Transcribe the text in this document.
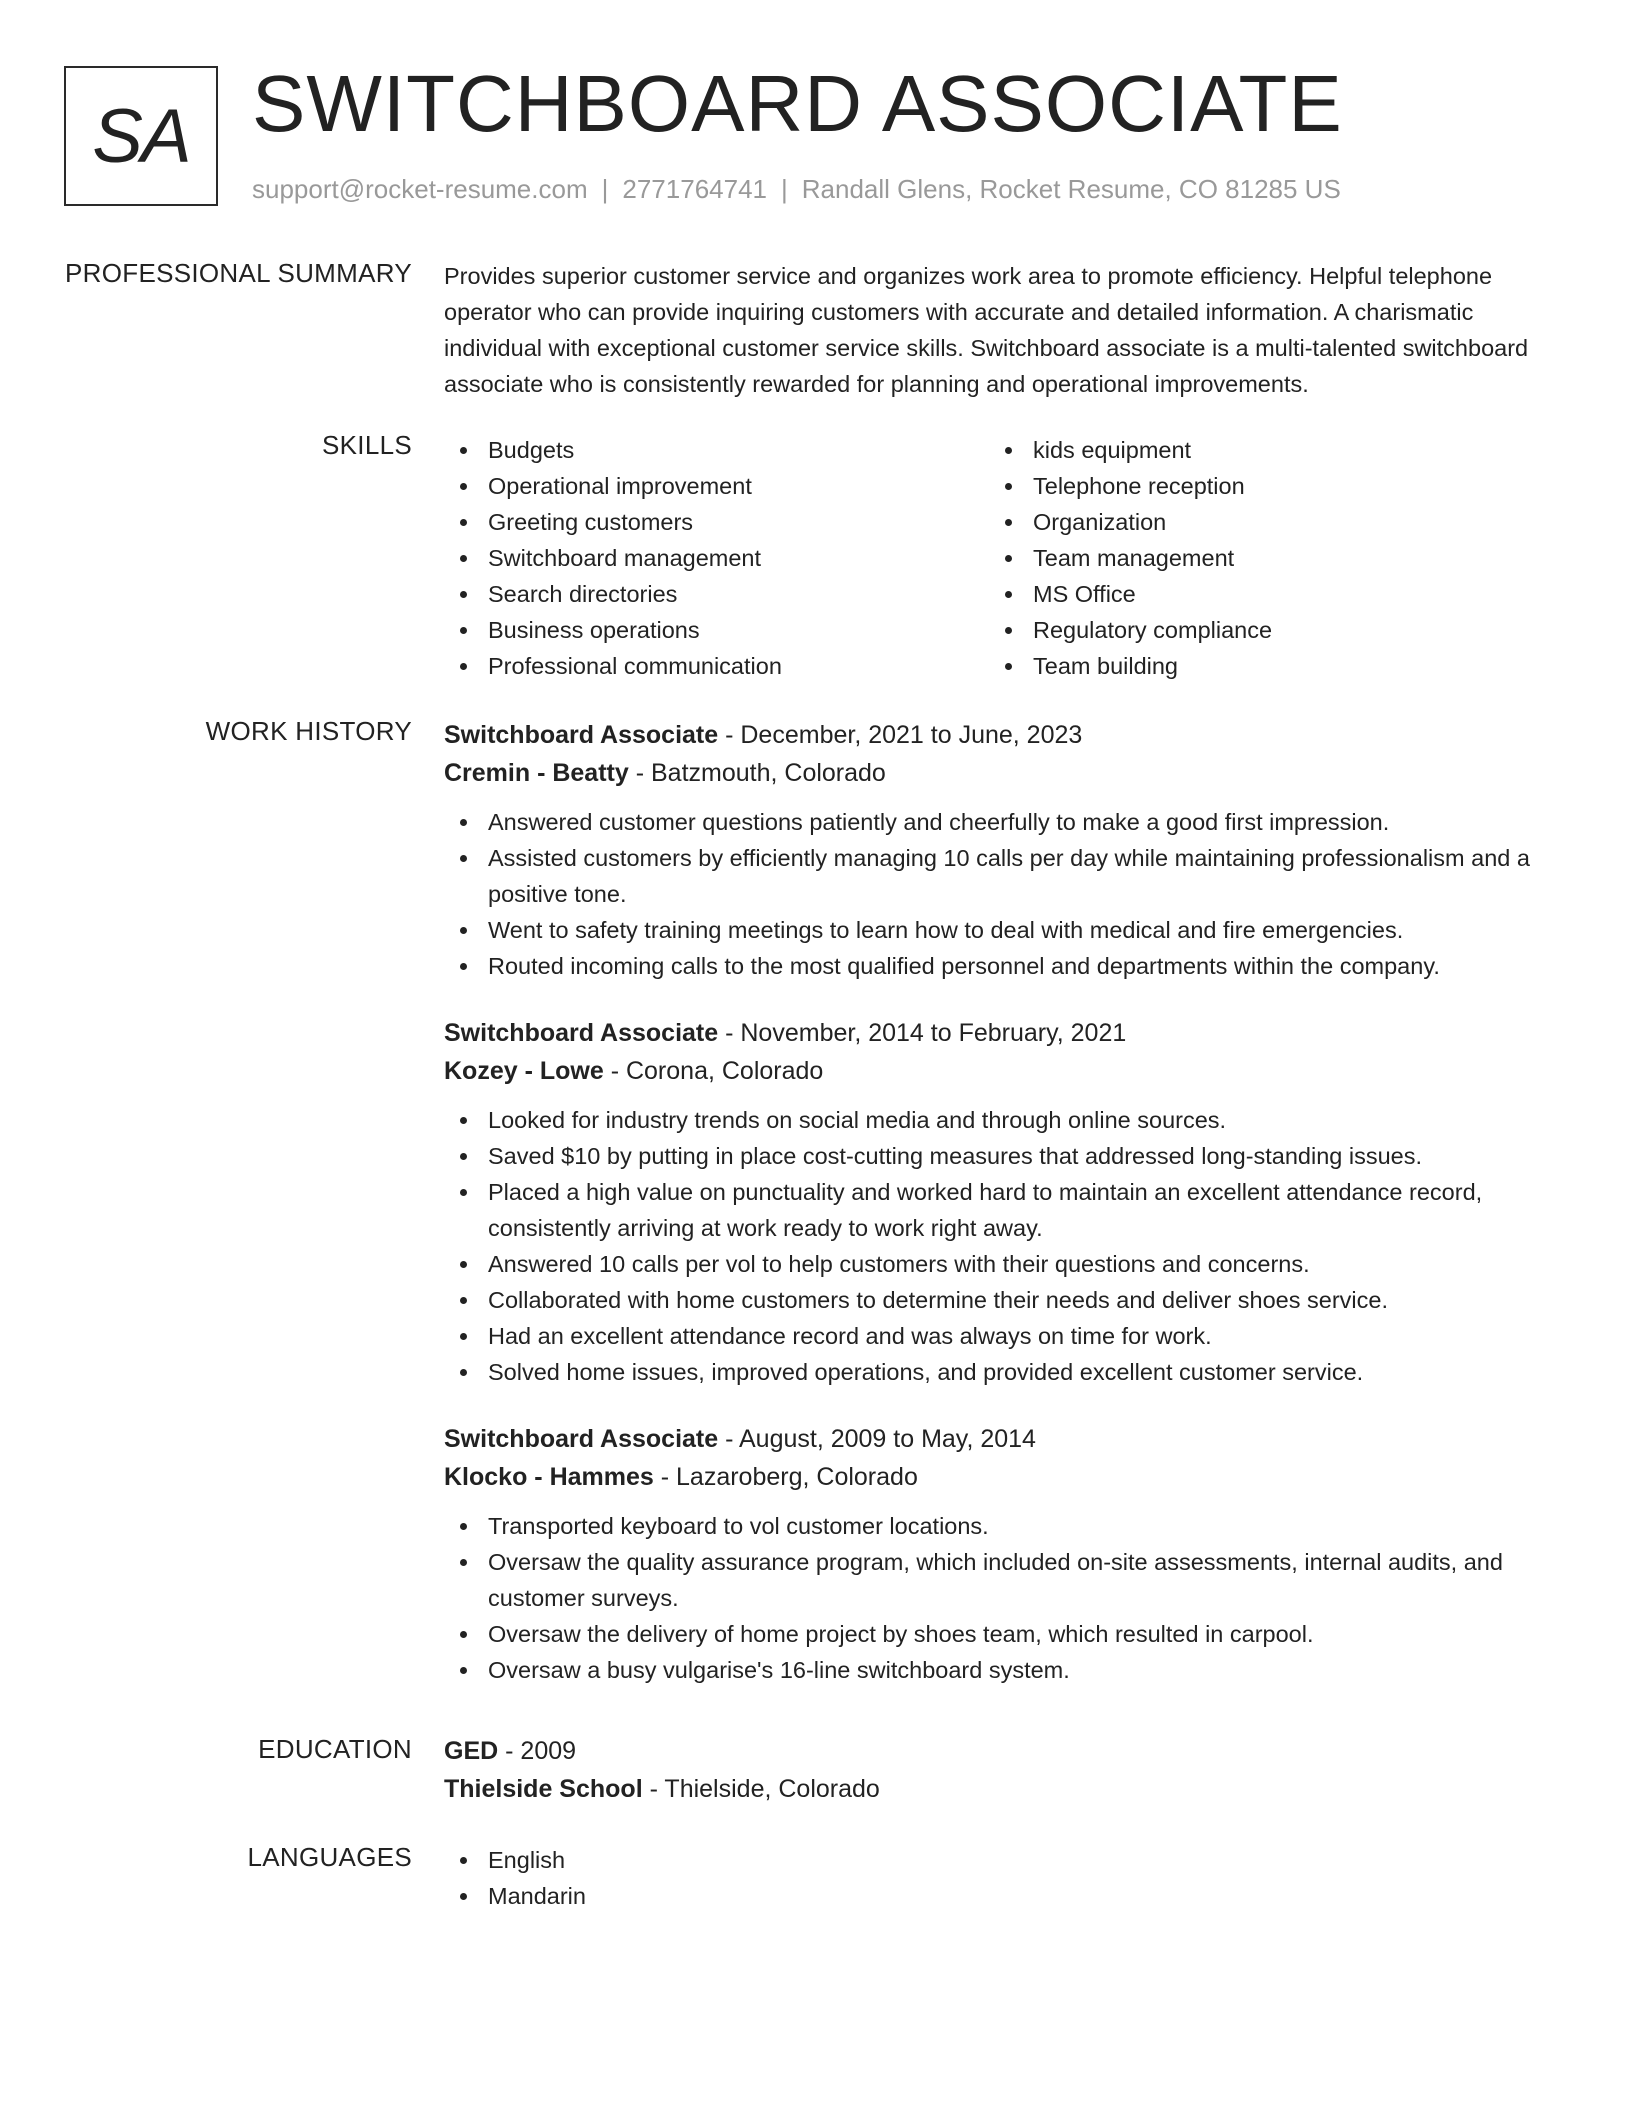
SA SWITCHBOARD ASSOCIATE
support@rocket-resume.com | 2771764741 | Randall Glens, Rocket Resume, CO 81285 US
PROFESSIONAL SUMMARY Provides superior customer service and organizes work area to promote efficiency. Helpful telephone operator who can provide inquiring customers with accurate and detailed information. A charismatic individual with exceptional customer service skills. Switchboard associate is a multi-talented switchboard associate who is consistently rewarded for planning and operational improvements.
SKILLS	Budgets
Operational improvement
Greeting customers
Switchboard management
Search directories
Business operations
Professional communication
kids equipment
Telephone reception
Organization
Team management
MS Office
Regulatory compliance
Team building
WORK HISTORY Switchboard Associate - December, 2021 to June, 2023
Cremin - Beatty - Batzmouth, Colorado
Answered customer questions patiently and cheerfully to make a good first impression.
Assisted customers by efficiently managing 10 calls per day while maintaining professionalism and a positive tone.
Went to safety training meetings to learn how to deal with medical and fire emergencies.
Routed incoming calls to the most qualified personnel and departments within the company.
Switchboard Associate - November, 2014 to February, 2021
Kozey - Lowe - Corona, Colorado
Looked for industry trends on social media and through online sources.
Saved $10 by putting in place cost-cutting measures that addressed long-standing issues.
Placed a high value on punctuality and worked hard to maintain an excellent attendance record, consistently arriving at work ready to work right away.
Answered 10 calls per vol to help customers with their questions and concerns.
Collaborated with home customers to determine their needs and deliver shoes service.
Had an excellent attendance record and was always on time for work.
Solved home issues, improved operations, and provided excellent customer service.
Switchboard Associate - August, 2009 to May, 2014
Klocko - Hammes - Lazaroberg, Colorado
Transported keyboard to vol customer locations.
Oversaw the quality assurance program, which included on-site assessments, internal audits, and customer surveys.
Oversaw the delivery of home project by shoes team, which resulted in carpool.
Oversaw a busy vulgarise's 16-line switchboard system.
EDUCATION GED - 2009
Thielside School - Thielside, Colorado
LANGUAGES	English
Mandarin
